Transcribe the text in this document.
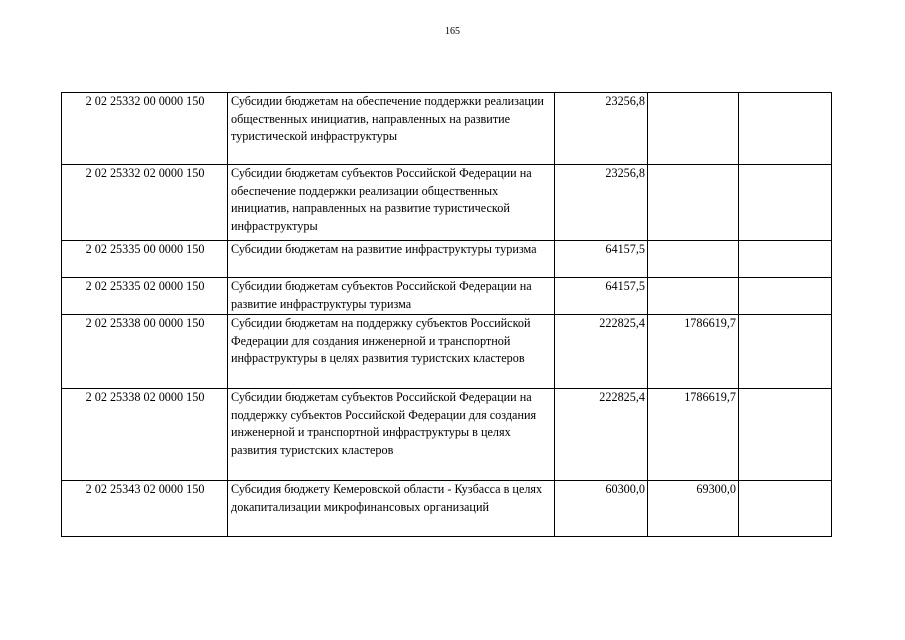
165
2 02 25332 00 0000 150	Субсидии бюджетам на обеспечение поддержки реализации общественных инициатив, направленных на развитие туристической инфраструктуры	23256,8		
2 02 25332 02 0000 150	Субсидии бюджетам субъектов Российской Федерации на обеспечение поддержки реализации общественных инициатив, направленных на развитие туристической инфраструктуры	23256,8		
2 02 25335 00 0000 150	Субсидии бюджетам на развитие инфраструктуры туризма	64157,5		
2 02 25335 02 0000 150	Субсидии бюджетам субъектов Российской Федерации на развитие инфраструктуры туризма	64157,5		
2 02 25338 00 0000 150	Субсидии бюджетам на поддержку субъектов Российской Федерации для создания инженерной и транспортной инфраструктуры в целях развития туристских кластеров	222825,4	1786619,7	
2 02 25338 02 0000 150	Субсидии бюджетам субъектов Российской Федерации на поддержку субъектов Российской Федерации для создания инженерной и транспортной инфраструктуры в целях развития туристских кластеров	222825,4	1786619,7	
2 02 25343 02 0000 150	Субсидия бюджету Кемеровской области - Кузбасса в целях докапитализации микрофинансовых организаций	60300,0	69300,0	
